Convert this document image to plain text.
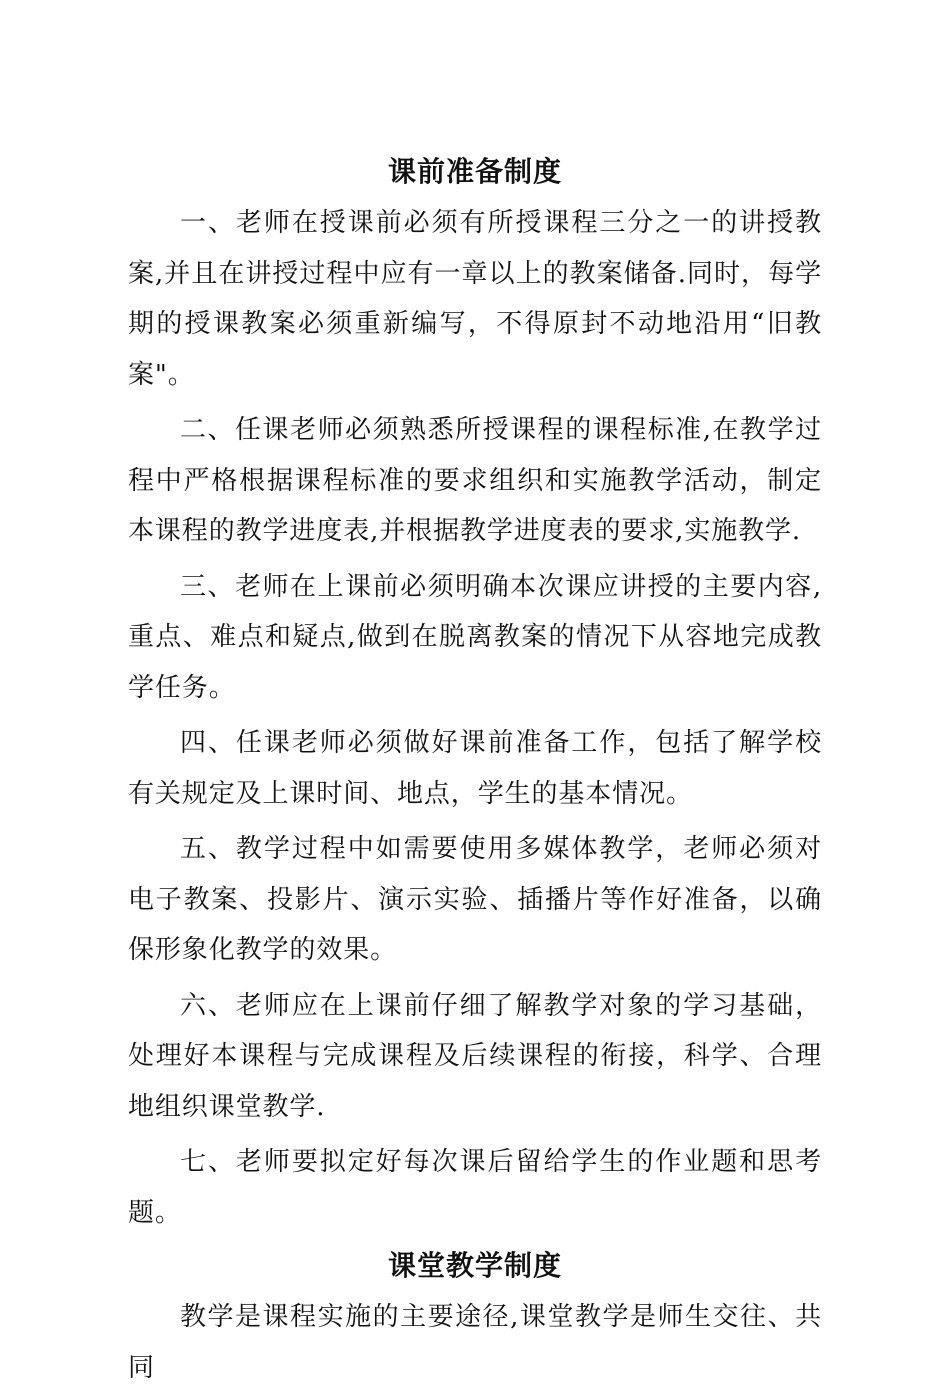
课前准备制度

一、老师在授课前必须有所授课程三分之一的讲授教案,并且在讲授过程中应有一章以上的教案储备.同时，每学期的授课教案必须重新编写，不得原封不动地沿用“旧教案"。

二、任课老师必须熟悉所授课程的课程标准,在教学过程中严格根据课程标准的要求组织和实施教学活动，制定本课程的教学进度表,并根据教学进度表的要求,实施教学.

三、老师在上课前必须明确本次课应讲授的主要内容,重点、难点和疑点,做到在脱离教案的情况下从容地完成教学任务。

四、任课老师必须做好课前准备工作，包括了解学校有关规定及上课时间、地点，学生的基本情况。

五、教学过程中如需要使用多媒体教学，老师必须对电子教案、投影片、演示实验、插播片等作好准备，以确保形象化教学的效果。

六、老师应在上课前仔细了解教学对象的学习基础，处理好本课程与完成课程及后续课程的衔接，科学、合理地组织课堂教学.

七、老师要拟定好每次课后留给学生的作业题和思考题。

课堂教学制度

教学是课程实施的主要途径,课堂教学是师生交往、共同
